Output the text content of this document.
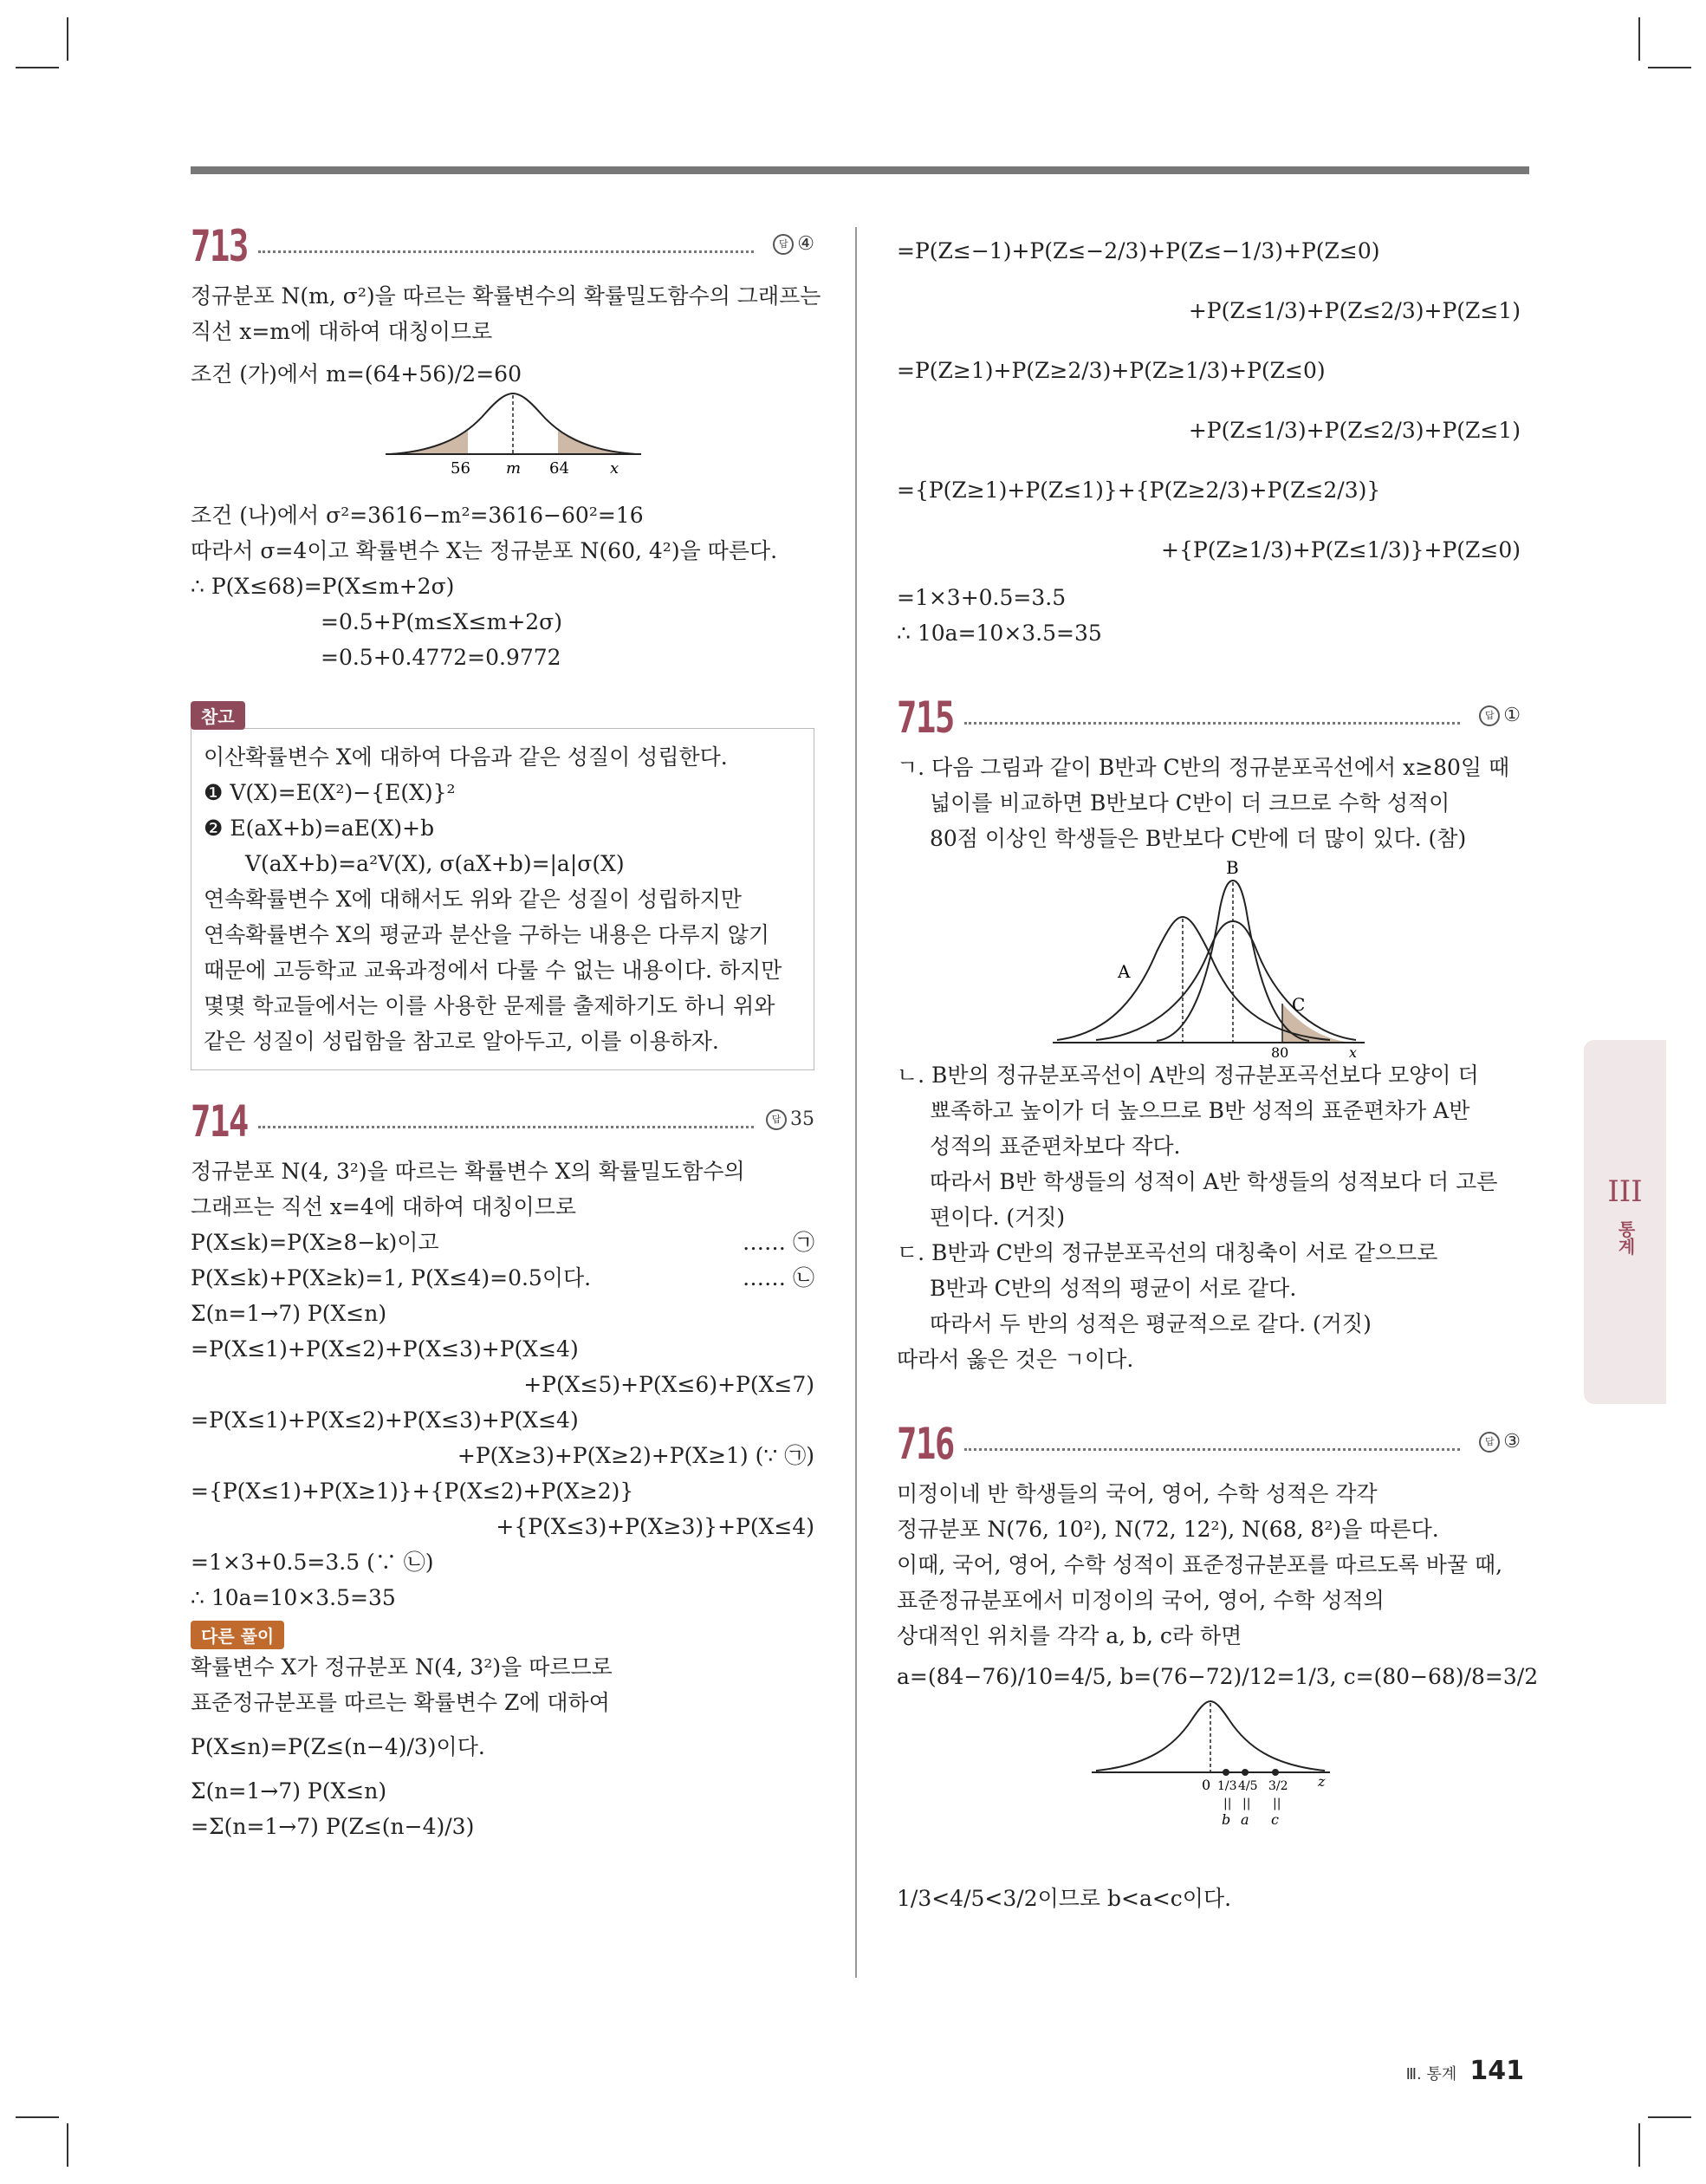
713	답 ④
정규분포 N(m, σ²)을 따르는 확률변수의 확률밀도함수의 그래프는
직선 x=m에 대하여 대칭이므로
조건 (가)에서 m=(64+56)/2=60
56 m 64	x
조건 (나)에서 σ²=3616−m²=3616−60²=16
따라서 σ=4이고 확률변수 X는 정규분포 N(60, 4²)을 따른다.
∴ P(X≤68)=P(X≤m+2σ)
=0.5+P(m≤X≤m+2σ)
=0.5+0.4772=0.9772
참고
이산확률변수 X에 대하여 다음과 같은 성질이 성립한다.
❶ V(X)=E(X²)−{E(X)}²
❷ E(aX+b)=aE(X)+b
V(aX+b)=a²V(X), σ(aX+b)=|a|σ(X)
연속확률변수 X에 대해서도 위와 같은 성질이 성립하지만
연속확률변수 X의 평균과 분산을 구하는 내용은 다루지 않기
때문에 고등학교 교육과정에서 다룰 수 없는 내용이다. 하지만
몇몇 학교들에서는 이를 사용한 문제를 출제하기도 하니 위와
같은 성질이 성립함을 참고로 알아두고, 이를 이용하자.
714	답 35
정규분포 N(4, 3²)을 따르는 확률변수 X의 확률밀도함수의
그래프는 직선 x=4에 대하여 대칭이므로
P(X≤k)=P(X≥8−k)이고	…… ㉠
P(X≤k)+P(X≥k)=1, P(X≤4)=0.5이다.	…… ㉡
Σ(n=1→7) P(X≤n)
=P(X≤1)+P(X≤2)+P(X≤3)+P(X≤4)
+P(X≤5)+P(X≤6)+P(X≤7)
=P(X≤1)+P(X≤2)+P(X≤3)+P(X≤4)
+P(X≥3)+P(X≥2)+P(X≥1) (∵ ㉠)
={P(X≤1)+P(X≥1)}+{P(X≤2)+P(X≥2)}
+{P(X≤3)+P(X≥3)}+P(X≤4)
=1×3+0.5=3.5 (∵ ㉡)
∴ 10a=10×3.5=35
다른 풀이
확률변수 X가 정규분포 N(4, 3²)을 따르므로
표준정규분포를 따르는 확률변수 Z에 대하여
P(X≤n)=P(Z≤(n−4)/3)이다.
Σ(n=1→7) P(X≤n)
=Σ(n=1→7) P(Z≤(n−4)/3)
=P(Z≤−1)+P(Z≤−2/3)+P(Z≤−1/3)+P(Z≤0)
+P(Z≤1/3)+P(Z≤2/3)+P(Z≤1)
=P(Z≥1)+P(Z≥2/3)+P(Z≥1/3)+P(Z≤0)
+P(Z≤1/3)+P(Z≤2/3)+P(Z≤1)
={P(Z≥1)+P(Z≤1)}+{P(Z≥2/3)+P(Z≤2/3)}
+{P(Z≥1/3)+P(Z≤1/3)}+P(Z≤0)
=1×3+0.5=3.5
∴ 10a=10×3.5=35
715	답 ①
ㄱ. 다음 그림과 같이 B반과 C반의 정규분포곡선에서 x≥80일 때
넓이를 비교하면 B반보다 C반이 더 크므로 수학 성적이
80점 이상인 학생들은 B반보다 C반에 더 많이 있다. (참)
A
B
C
80	x
ㄴ. B반의 정규분포곡선이 A반의 정규분포곡선보다 모양이 더
뾰족하고 높이가 더 높으므로 B반 성적의 표준편차가 A반
성적의 표준편차보다 작다.
따라서 B반 학생들의 성적이 A반 학생들의 성적보다 더 고른
편이다. (거짓)
ㄷ. B반과 C반의 정규분포곡선의 대칭축이 서로 같으므로
B반과 C반의 성적의 평균이 서로 같다.
따라서 두 반의 성적은 평균적으로 같다. (거짓)
따라서 옳은 것은 ㄱ이다.
716	답 ③
미정이네 반 학생들의 국어, 영어, 수학 성적은 각각
정규분포 N(76, 10²), N(72, 12²), N(68, 8²)을 따른다.
이때, 국어, 영어, 수학 성적이 표준정규분포를 따르도록 바꿀 때,
표준정규분포에서 미정이의 국어, 영어, 수학 성적의
상대적인 위치를 각각 a, b, c라 하면
a=(84−76)/10=4/5, b=(76−72)/12=1/3, c=(80−68)/8=3/2
0 1/3 4/5 3/2 z
|| || ||
b a c
1/3<4/5<3/2이므로 b<a<c이다.
III
통계
Ⅲ. 통계 141
